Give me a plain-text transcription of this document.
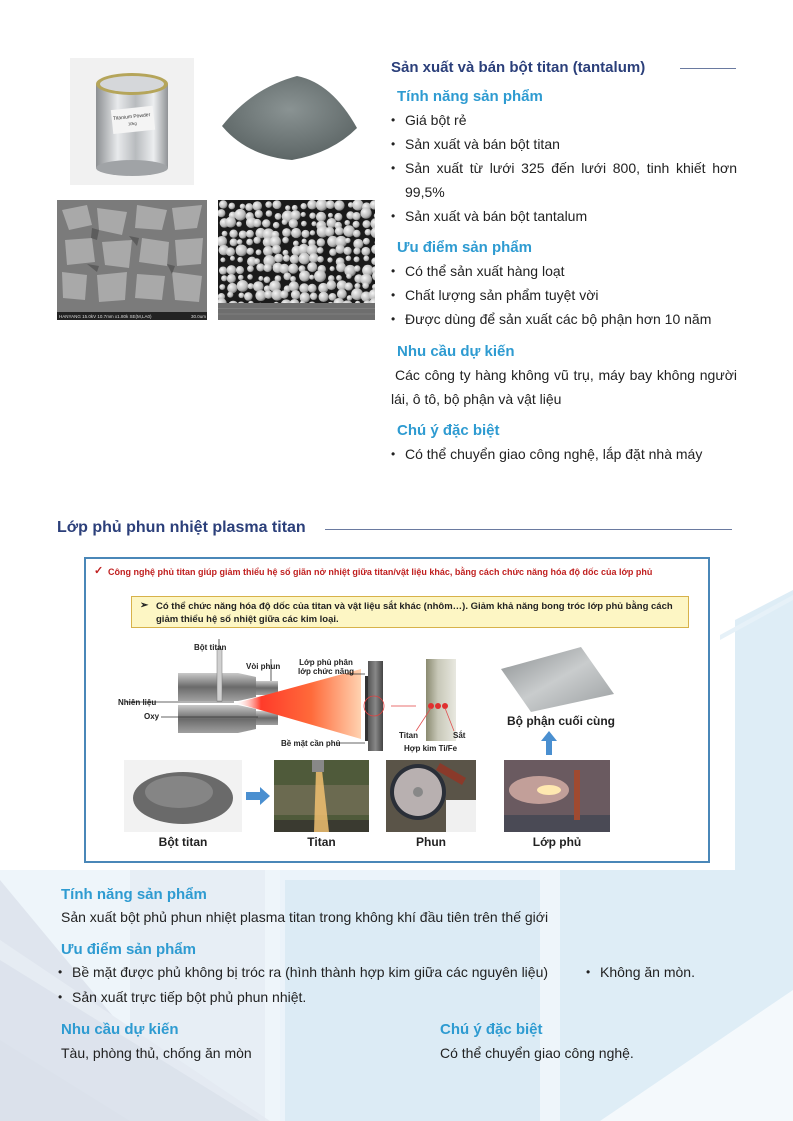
Titanium Powder
10kg
HANYANG 15.0kV 10.7mm x1.80k SE(M,LA0)	30.0um
Sản xuất và bán bột titan (tantalum)
Tính năng sản phẩm
• Giá bột rẻ
• Sản xuất và bán bột titan
• Sản xuất từ lưới 325 đến lưới 800, tinh khiết hơn 99,5%
• Sản xuất và bán bột tantalum
Ưu điểm sản phẩm
• Có thể sản xuất hàng loạt
• Chất lượng sản phẩm tuyệt vời
• Được dùng để sản xuất các bộ phận hơn 10 năm
Nhu cầu dự kiến
Các công ty hàng không vũ trụ, máy bay không người lái, ô tô, bộ phận và vật liệu
Chú ý đặc biệt
• Có thể chuyển giao công nghệ, lắp đặt nhà máy
Lớp phủ phun nhiệt plasma titan
✓ Công nghệ phủ titan giúp giảm thiểu hệ số giãn nở nhiệt giữa titan/vật liệu khác, bằng cách chức năng hóa độ dốc của lớp phủ
➢ Có thể chức năng hóa độ dốc của titan và vật liệu sắt khác (nhôm…). Giảm khả năng bong tróc lớp phủ bằng cách giảm thiểu hệ số nhiệt giữa các kim loại.
Bột titan
Vòi phun	Lớp phủ phân lớp chức năng
Nhiên liệu
Oxy
Bề mặt cần phủ
Titan	Sắt
Hợp kim Ti/Fe
Bộ phận cuối cùng
Bột titan	Titan	Phun	Lớp phủ
Tính năng sản phẩm
Sản xuất bột phủ phun nhiệt plasma titan trong không khí đầu tiên trên thế giới
Ưu điểm sản phẩm
• Bề mặt được phủ không bị tróc ra (hình thành hợp kim giữa các nguyên liệu)	• Không ăn mòn.
• Sản xuất trực tiếp bột phủ phun nhiệt.
Nhu cầu dự kiến
Tàu, phòng thủ, chống ăn mòn
Chú ý đặc biệt
Có thể chuyển giao công nghệ.
